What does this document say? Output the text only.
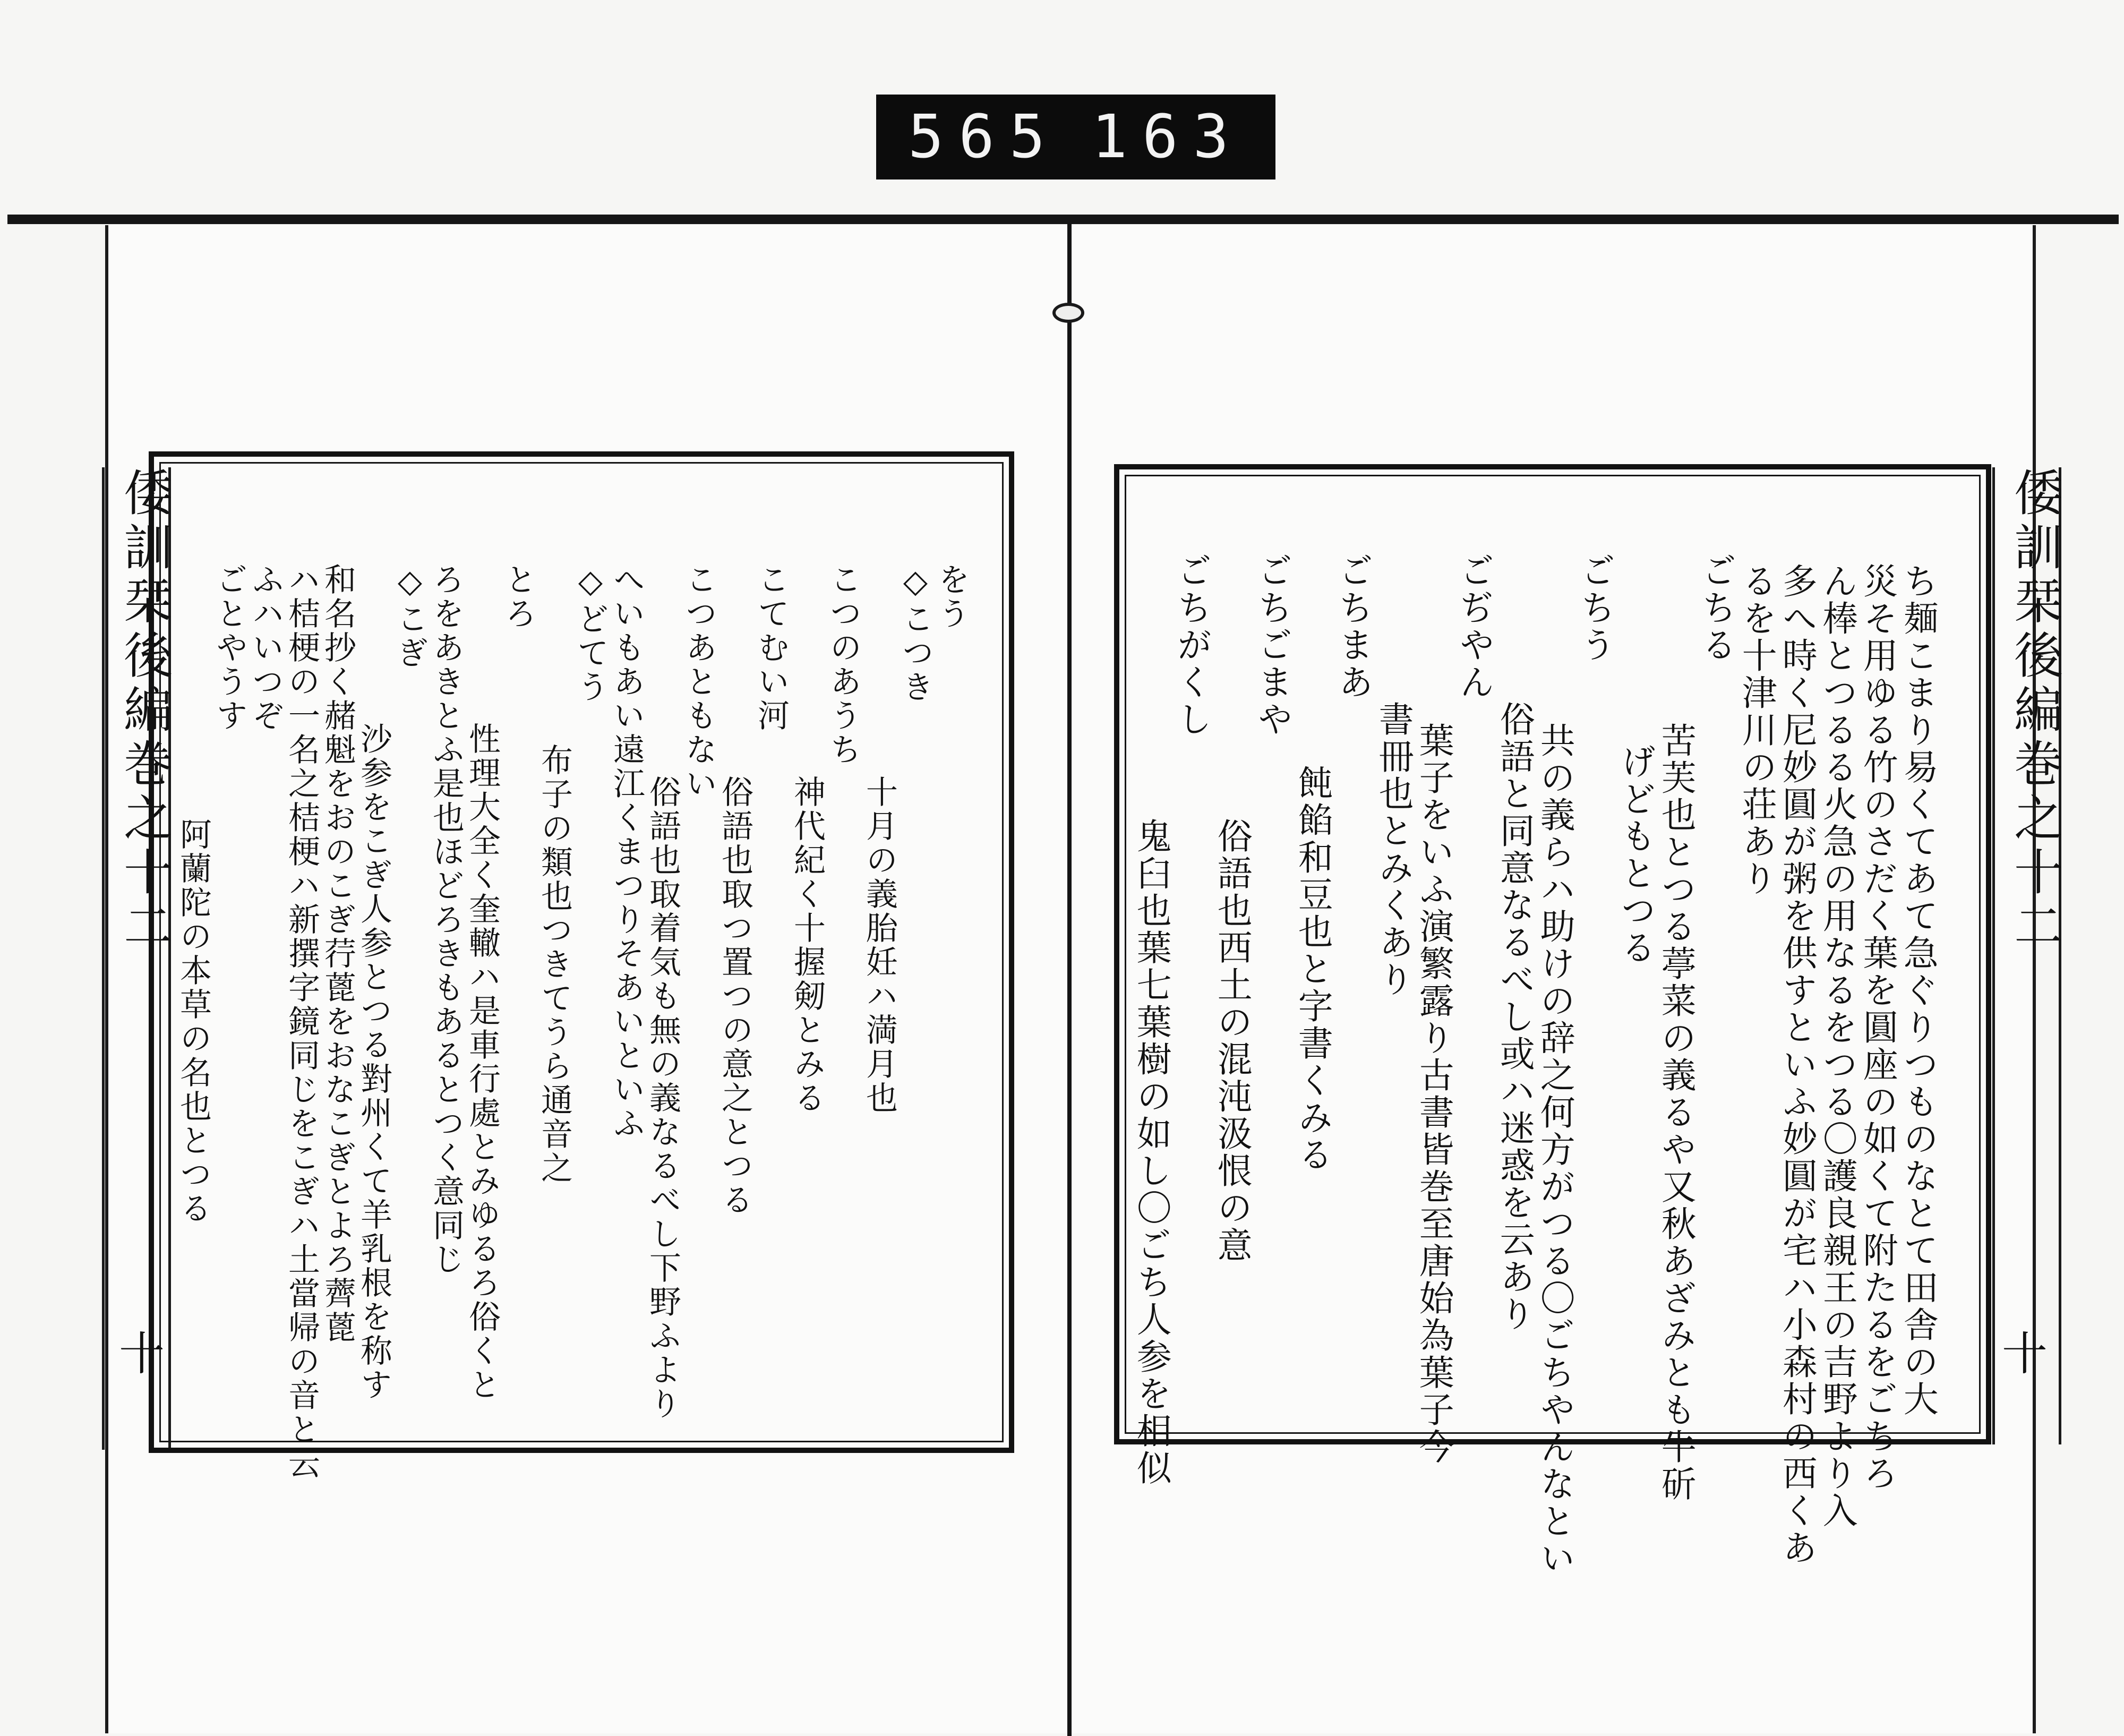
565 163
倭訓栞後編巻之十二
十
倭訓栞後編巻之十二
十
ち麺こまり易くてあて急ぐりつものなとて田舎の大
災そ用ゆる竹のさだく葉を圓座の如くて附たるをごちろ
ん棒とつるる火急の用なるをつる〇護良親王の吉野より入
多へ時く尼妙圓が粥を供すといふ妙圓が宅ハ小森村の西くあ
るを十津川の荘あり
ごちる
苦芙也とつる葶菜の義るや又秋あざみとも牛斫
げどもとつる
ごちう
共の義らハ助けの辞之何方がつる〇ごちやんなとい
俗語と同意なるべし或ハ迷惑を云あり
ごぢやん
葉子をいふ演繁露り古書皆巻至唐始為葉子今
書冊也とみくあり
ごちまあ
飩餡和豆也と字書くみる
ごちごまや
俗語也西土の混沌汲恨の意
ごちがくし
鬼臼也葉七葉樹の如し〇ごち人参を相似
をう
◇こつき
十月の義胎妊ハ満月也
こつのあうち
神代紀く十握剱とみる
こてむい河
俗語也取つ置つの意之とつる
こつあともない
俗語也取着気も無の義なるべし下野ふより
へいもあい遠江くまつりそあいといふ
◇どてう
布子の類也つきてうら通音之
とろ
性理大全く奎轍ハ是車行處とみゆるろ俗くと
ろをあきとふ是也ほどろきもあるとつく意同じ
◇こぎ
沙参をこぎ人参とつる對州くて羊乳根を称す
和名抄く赭魁をおのこぎ荇蓖をおなこぎとよろ薺蓖
ハ桔梗の一名之桔梗ハ新撰字鏡同じをこぎハ土當帰の音と云
ふハいつぞ
ごとやうす
阿蘭陀の本草の名也とつる
